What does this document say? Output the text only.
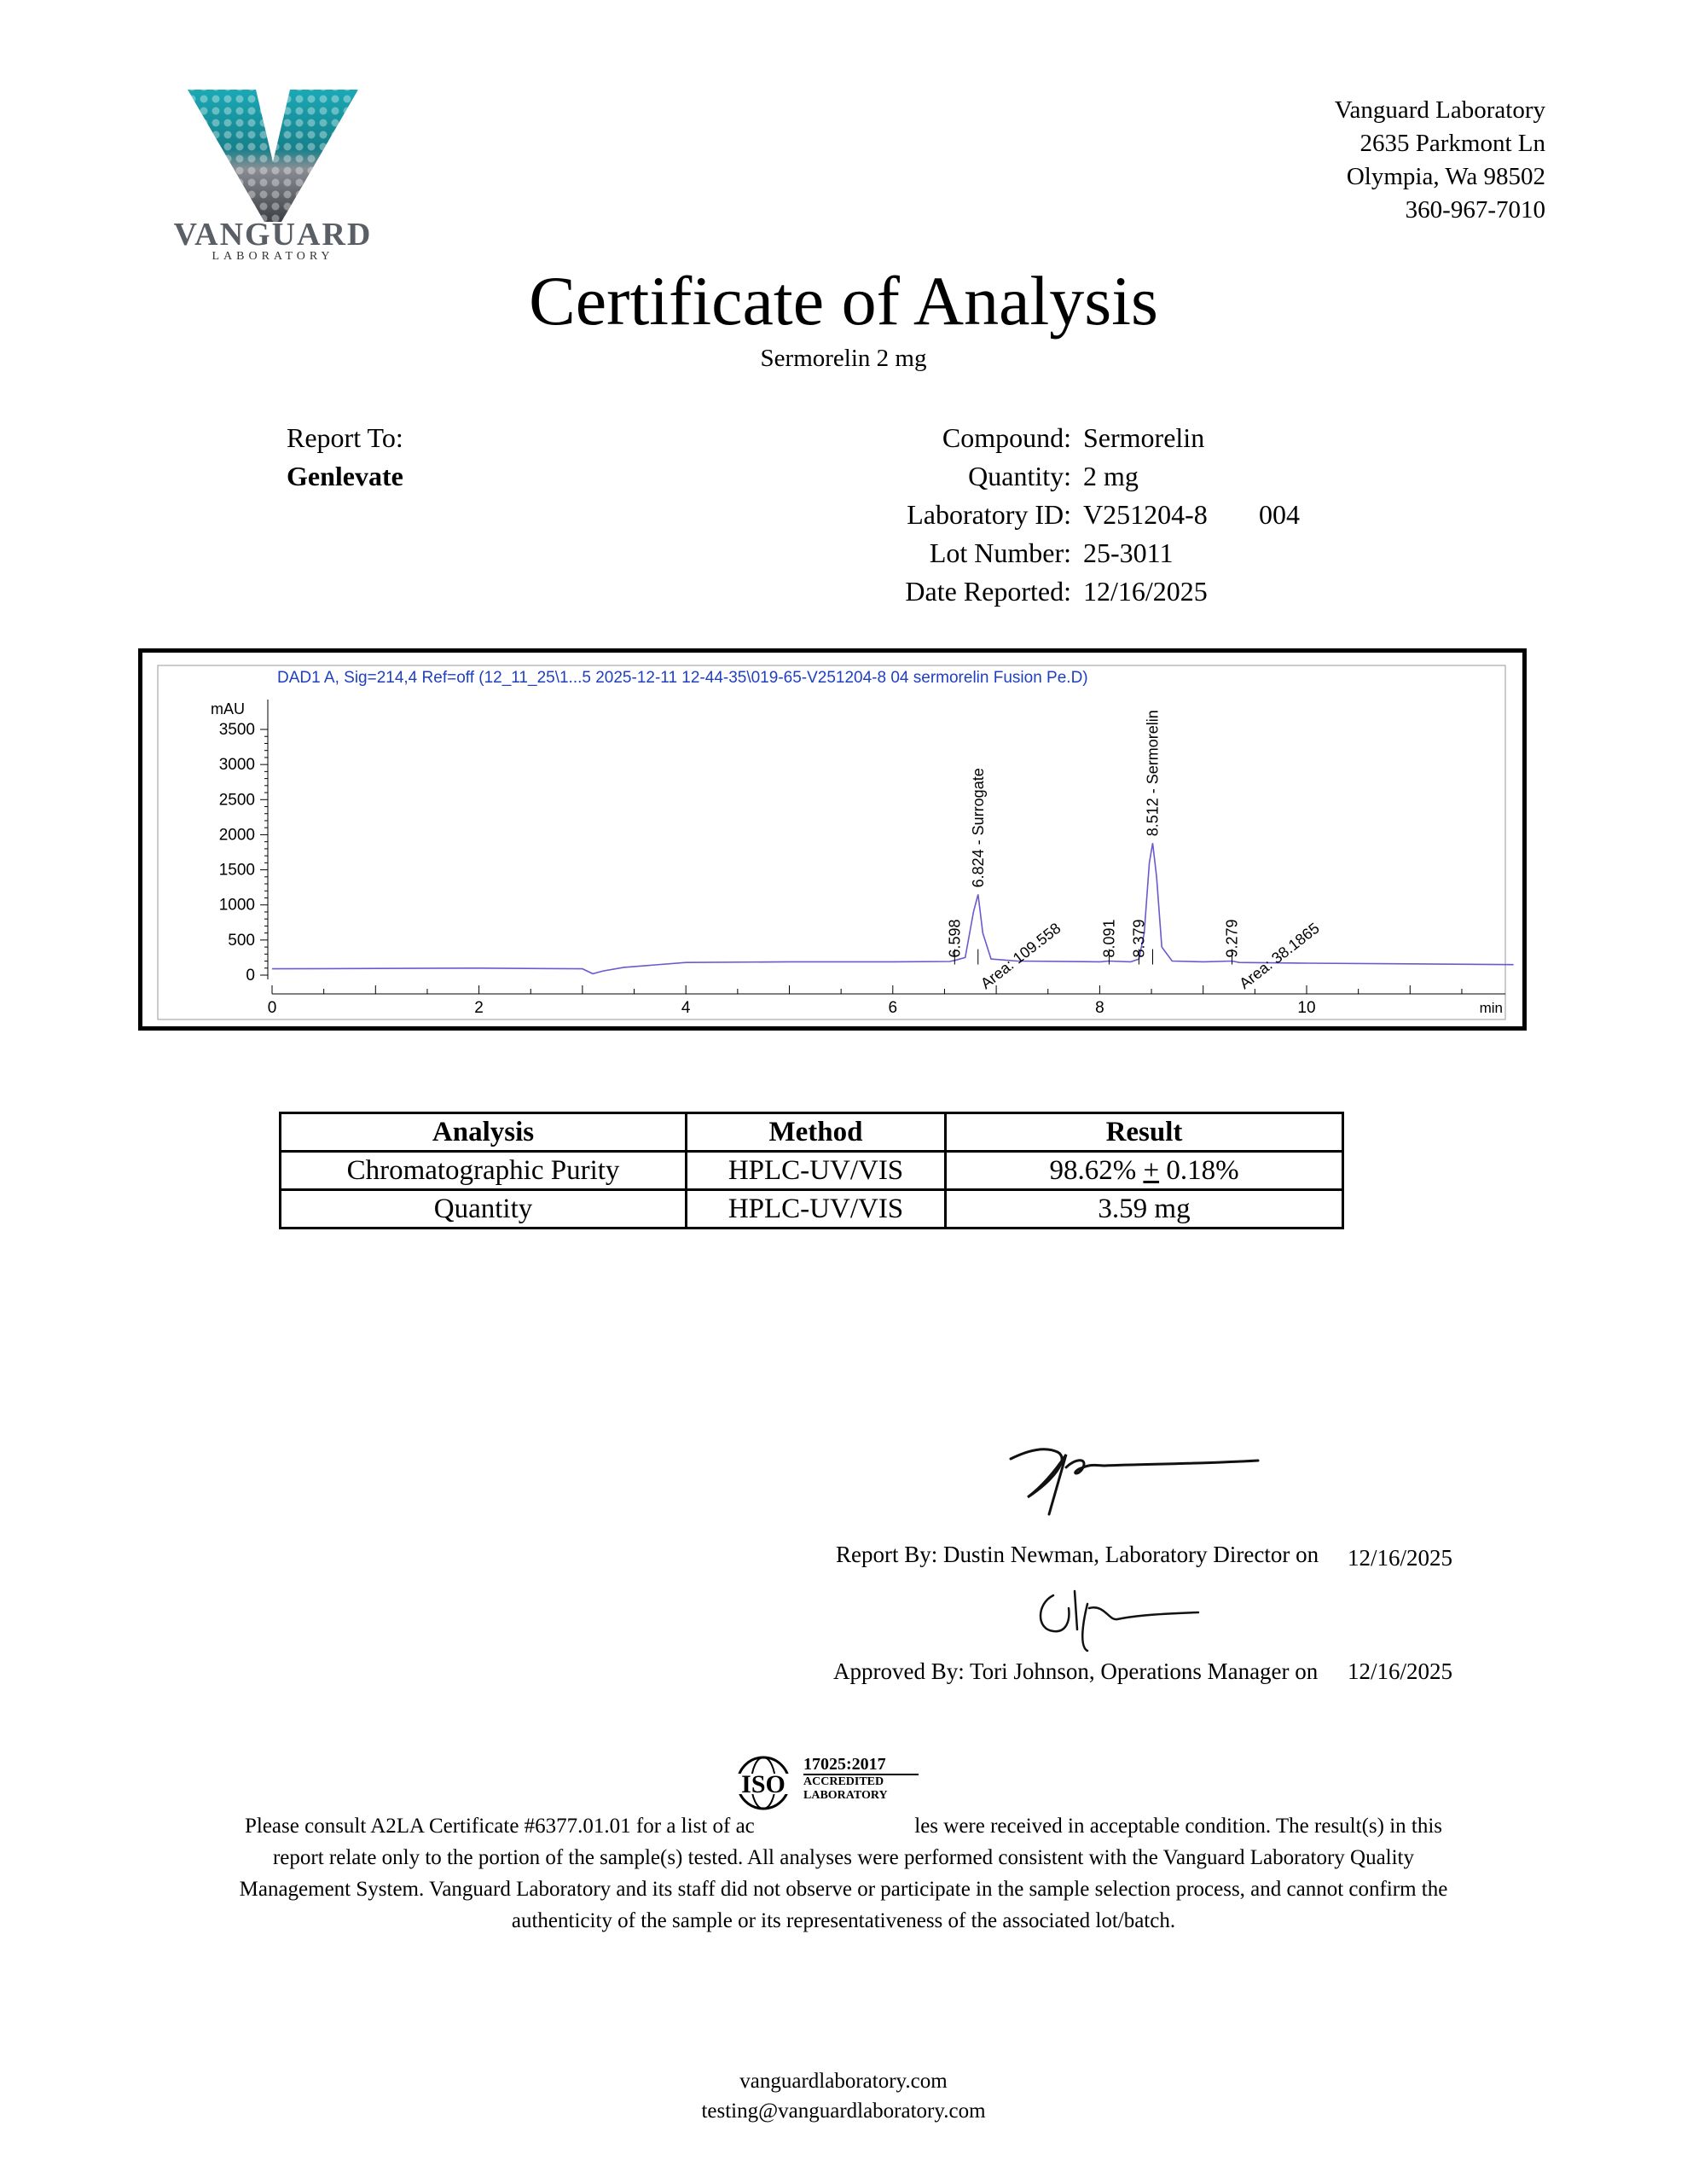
VANGUARD
LABORATORY
Vanguard Laboratory
2635 Parkmont Ln
Olympia, Wa 98502
360-967-7010
Certificate of Analysis
Sermorelin 2 mg
Report To:
Genlevate
Compound: Sermorelin
Quantity: 2 mg
Laboratory ID: V251204-8 004
Lot Number: 25-3011
Date Reported: 12/16/2025
DAD1 A, Sig=214,4 Ref=off (12_11_25\1...5 2025-12-11 12-44-35\019-65-V251204-8 04 sermorelin Fusion Pe.D)
mAU
0
500
1000
1500
2000
2500
3000
3500
0	2	4	6	8	10	min
6.598
6.824 - Surrogate
8.091 8.379
8.512 - Sermorelin
9.279
Area: 109.558	Area: 38.1865
Analysis	Method	Result
Chromatographic Purity	HPLC-UV/VIS	98.62% + 0.18%
Quantity	HPLC-UV/VIS	3.59 mg
Report By: Dustin Newman, Laboratory Director on 12/16/2025
Approved By: Tori Johnson, Operations Manager on 12/16/2025
ISO
17025:2017
ACCREDITED
LABORATORY
Please consult A2LA Certificate #6377.01.01 for a list of ac                              les were received in acceptable condition. The result(s) in this
report relate only to the portion of the sample(s) tested. All analyses were performed consistent with the Vanguard Laboratory Quality
Management System. Vanguard Laboratory and its staff did not observe or participate in the sample selection process, and cannot confirm the
authenticity of the sample or its representativeness of the associated lot/batch.
vanguardlaboratory.com
testing@vanguardlaboratory.com
